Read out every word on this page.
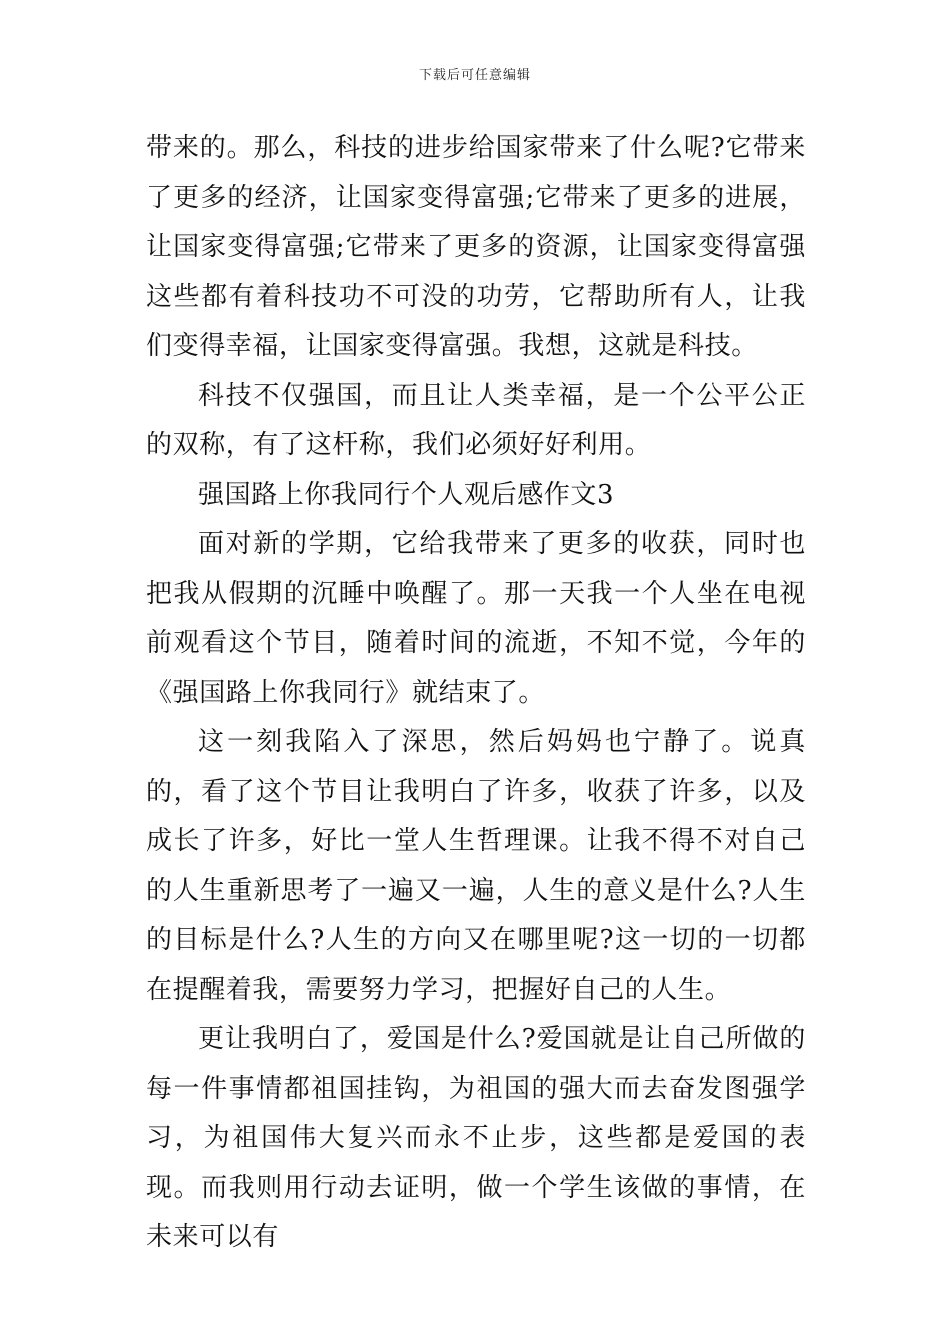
下载后可任意编辑

带来的。那么，科技的进步给国家带来了什么呢?它带来了更多的经济，让国家变得富强;它带来了更多的进展，让国家变得富强;它带来了更多的资源，让国家变得富强这些都有着科技功不可没的功劳，它帮助所有人，让我们变得幸福，让国家变得富强。我想，这就是科技。

科技不仅强国，而且让人类幸福，是一个公平公正的双称，有了这杆称，我们必须好好利用。

强国路上你我同行个人观后感作文3

面对新的学期，它给我带来了更多的收获，同时也把我从假期的沉睡中唤醒了。那一天我一个人坐在电视前观看这个节目，随着时间的流逝，不知不觉，今年的《强国路上你我同行》就结束了。

这一刻我陷入了深思，然后妈妈也宁静了。说真的，看了这个节目让我明白了许多，收获了许多，以及成长了许多，好比一堂人生哲理课。让我不得不对自己的人生重新思考了一遍又一遍，人生的意义是什么?人生的目标是什么?人生的方向又在哪里呢?这一切的一切都在提醒着我，需要努力学习，把握好自己的人生。

更让我明白了，爱国是什么?爱国就是让自己所做的每一件事情都祖国挂钩，为祖国的强大而去奋发图强学习，为祖国伟大复兴而永不止步，这些都是爱国的表现。而我则用行动去证明，做一个学生该做的事情，在未来可以有
